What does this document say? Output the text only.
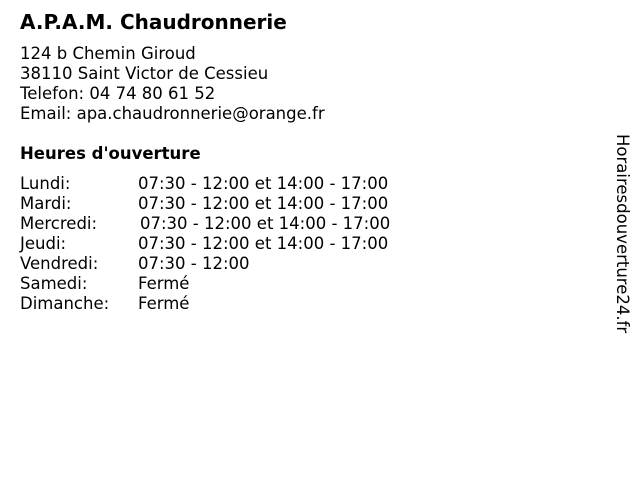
A.P.A.M. Chaudronnerie
124 b Chemin Giroud
38110 Saint Victor de Cessieu
Telefon: 04 74 80 61 52
Email: apa.chaudronnerie@orange.fr
Heures d'ouverture
Lundi:	07:30 - 12:00 et 14:00 - 17:00
Mardi:	07:30 - 12:00 et 14:00 - 17:00
Mercredi:	07:30 - 12:00 et 14:00 - 17:00
Jeudi:	07:30 - 12:00 et 14:00 - 17:00
Vendredi: 07:30 - 12:00
Samedi:	Fermé
Dimanche: Fermé	Horairesdouverture24.fr
